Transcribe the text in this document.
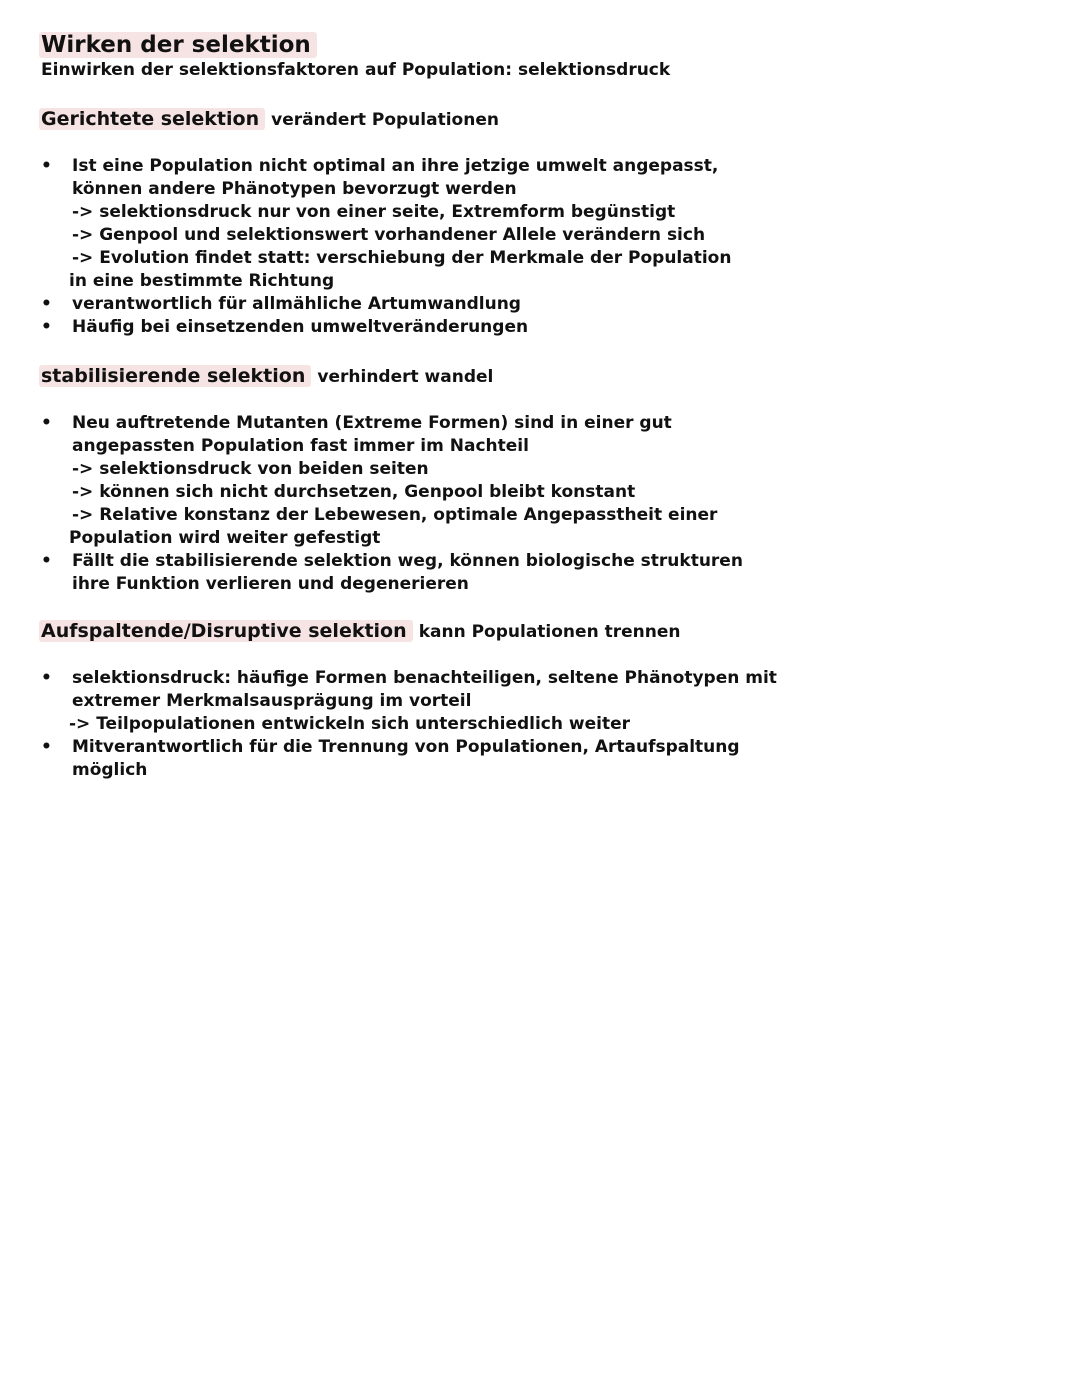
Wirken der selektion
Einwirken der selektionsfaktoren auf Population: selektionsdruck
Gerichtete selektion verändert Populationen
• Ist eine Population nicht optimal an ihre jetzige umwelt angepasst,
können andere Phänotypen bevorzugt werden
-> selektionsdruck nur von einer seite, Extremform begünstigt
-> Genpool und selektionswert vorhandener Allele verändern sich
-> Evolution findet statt: verschiebung der Merkmale der Population
in eine bestimmte Richtung
• verantwortlich für allmähliche Artumwandlung
• Häufig bei einsetzenden umweltveränderungen
stabilisierende selektion verhindert wandel
• Neu auftretende Mutanten (Extreme Formen) sind in einer gut
angepassten Population fast immer im Nachteil
-> selektionsdruck von beiden seiten
-> können sich nicht durchsetzen, Genpool bleibt konstant
-> Relative konstanz der Lebewesen, optimale Angepasstheit einer
Population wird weiter gefestigt
• Fällt die stabilisierende selektion weg, können biologische strukturen
ihre Funktion verlieren und degenerieren
Aufspaltende/Disruptive selektion kann Populationen trennen
• selektionsdruck: häufige Formen benachteiligen, seltene Phänotypen mit
extremer Merkmalsausprägung im vorteil
-> Teilpopulationen entwickeln sich unterschiedlich weiter
• Mitverantwortlich für die Trennung von Populationen, Artaufspaltung
möglich
